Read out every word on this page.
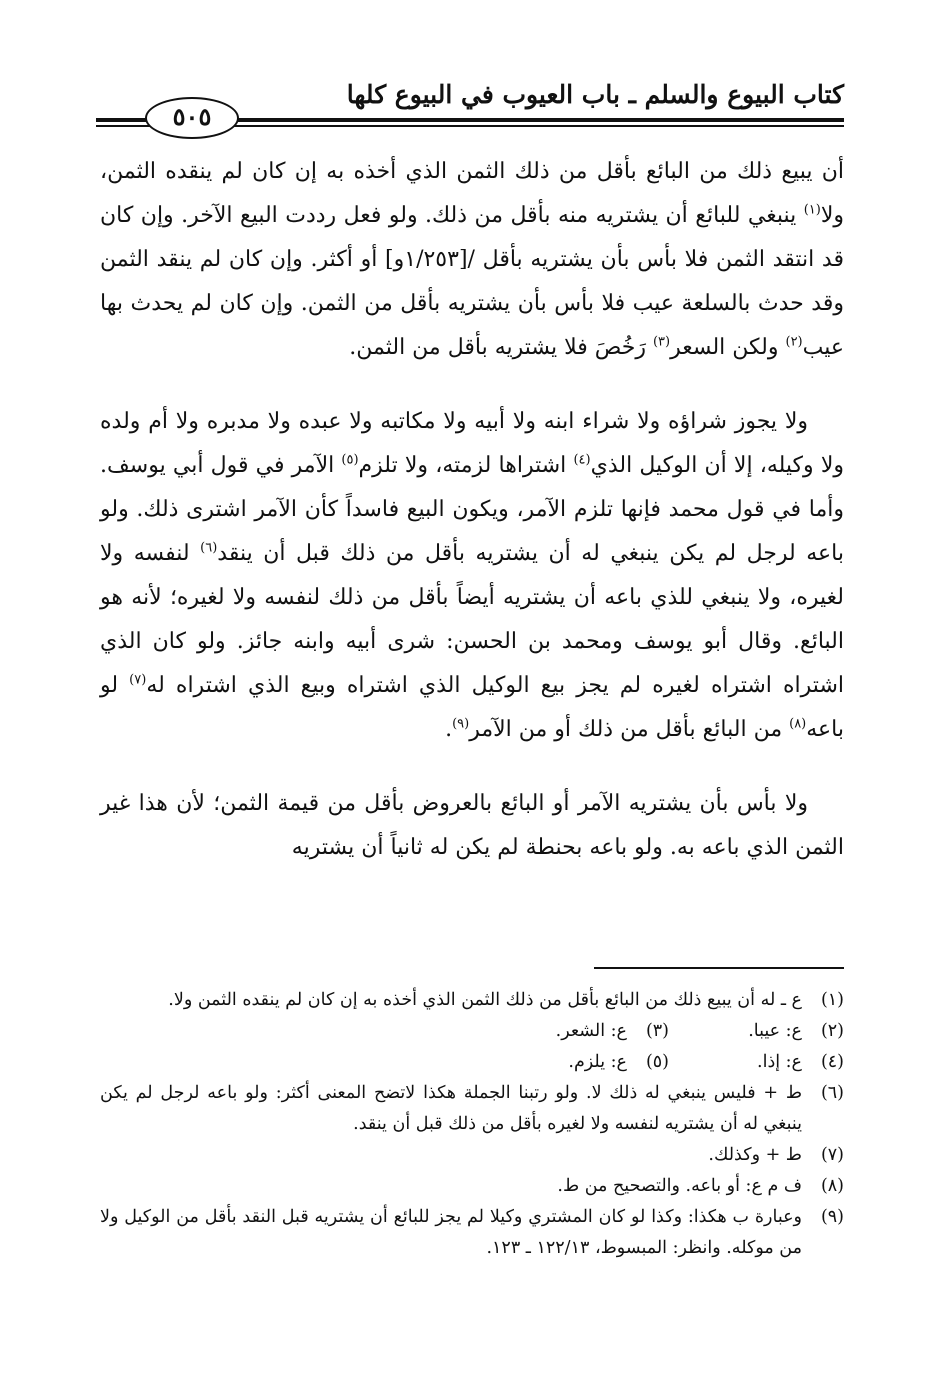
كتاب البيوع والسلم ـ باب العيوب في البيوع كلها
٥٠٥

أن يبيع ذلك من البائع بأقل من ذلك الثمن الذي أخذه به إن كان لم ينقده الثمن، ولا$^{(١)}$ ينبغي للبائع أن يشتريه منه بأقل من ذلك. ولو فعل رددت البيع الآخر. وإن كان قد انتقد الثمن فلا بأس بأن يشتريه بأقل /[١/٢٥٣و] أو أكثر. وإن كان لم ينقد الثمن وقد حدث بالسلعة عيب فلا بأس بأن يشتريه بأقل من الثمن. وإن كان لم يحدث بها عيب$^{(٢)}$ ولكن السعر$^{(٣)}$ رَخُصَ فلا يشتريه بأقل من الثمن.

ولا يجوز شراؤه ولا شراء ابنه ولا أبيه ولا مكاتبه ولا عبده ولا مدبره ولا أم ولده ولا وكيله، إلا أن الوكيل الذي$^{(٤)}$ اشتراها لزمته، ولا تلزم$^{(٥)}$ الآمر في قول أبي يوسف. وأما في قول محمد فإنها تلزم الآمر، ويكون البيع فاسداً كأن الآمر اشترى ذلك. ولو باعه لرجل لم يكن ينبغي له أن يشتريه بأقل من ذلك قبل أن ينقد$^{(٦)}$ لنفسه ولا لغيره، ولا ينبغي للذي باعه أن يشتريه أيضاً بأقل من ذلك لنفسه ولا لغيره؛ لأنه هو البائع. وقال أبو يوسف ومحمد بن الحسن: شرى أبيه وابنه جائز. ولو كان الذي اشتراه اشتراه لغيره لم يجز بيع الوكيل الذي اشتراه وبيع الذي اشتراه له$^{(٧)}$ لو باعه$^{(٨)}$ من البائع بأقل من ذلك أو من الآمر$^{(٩)}$.

ولا بأس بأن يشتريه الآمر أو البائع بالعروض بأقل من قيمة الثمن؛ لأن هذا غير الثمن الذي باعه به. ولو باعه بحنطة لم يكن له ثانياً أن يشتريه

(١)
ع ـ له أن يبيع ذلك من البائع بأقل من ذلك الثمن الذي أخذه به إن كان لم ينقده الثمن ولا.
(٢)
ع: عيبا.
(٣)
ع: الشعر.
(٤)
ع: إذا.
(٥)
ع: يلزم.
(٦)
ط + فليس ينبغي له ذلك لا. ولو رتبنا الجملة هكذا لاتضح المعنى أكثر: ولو باعه لرجل لم يكن ينبغي له أن يشتريه لنفسه ولا لغيره بأقل من ذلك قبل أن ينقد.
(٧)
ط + وكذلك.
(٨)
ف م ع: أو باعه. والتصحيح من ط.
(٩)
وعبارة ب هكذا: وكذا لو كان المشتري وكيلا لم يجز للبائع أن يشتريه قبل النقد بأقل من الوكيل ولا من موكله. وانظر: المبسوط، ١٢٢/١٣ ـ ١٢٣.
